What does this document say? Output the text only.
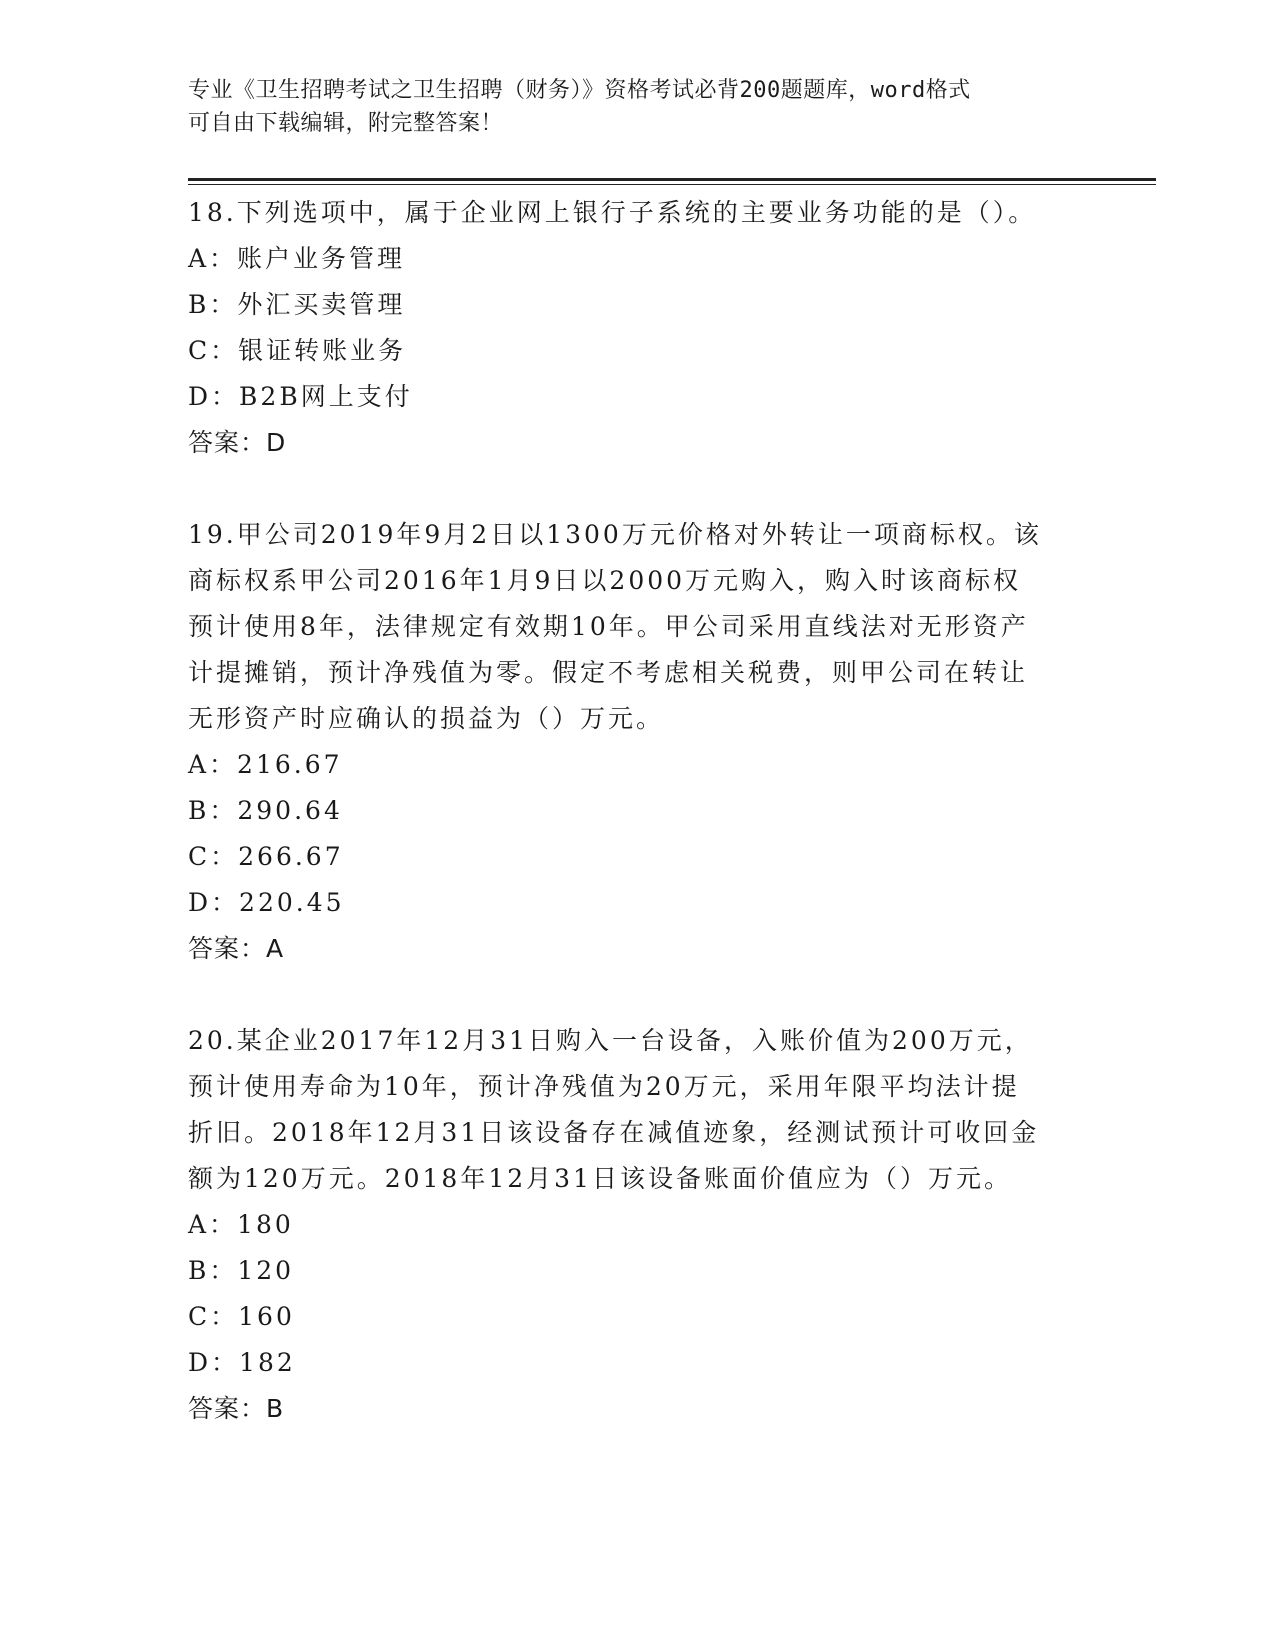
专业《卫生招聘考试之卫生招聘（财务）》资格考试必背200题题库，word格式
可自由下载编辑，附完整答案！

18.下列选项中，属于企业网上银行子系统的主要业务功能的是（）。

A：账户业务管理

B：外汇买卖管理

C：银证转账业务

D：B2B网上支付

答案：D

19.甲公司2019年9月2日以1300万元价格对外转让一项商标权。该

商标权系甲公司2016年1月9日以2000万元购入，购入时该商标权

预计使用8年，法律规定有效期10年。甲公司采用直线法对无形资产

计提摊销，预计净残值为零。假定不考虑相关税费，则甲公司在转让

无形资产时应确认的损益为（）万元。

A：216.67

B：290.64

C：266.67

D：220.45

答案：A

20.某企业2017年12月31日购入一台设备，入账价值为200万元，

预计使用寿命为10年，预计净残值为20万元，采用年限平均法计提

折旧。2018年12月31日该设备存在减值迹象，经测试预计可收回金

额为120万元。2018年12月31日该设备账面价值应为（）万元。

A：180

B：120

C：160

D：182

答案：B
